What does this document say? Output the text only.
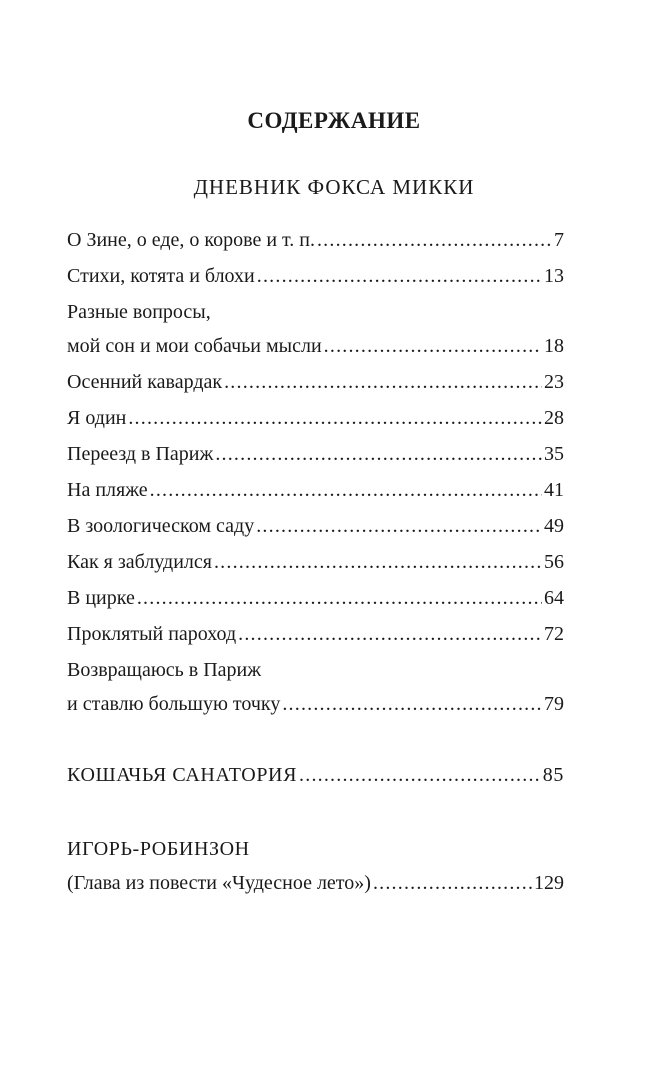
СОДЕРЖАНИЕ
ДНЕВНИК ФОКСА МИККИ
О Зине, о еде, о корове и т. п. .....	7
Стихи, котята и блохи .....	13
Разные вопросы,
мой сон и мои собачьи мысли .....	18
Осенний кавардак .....	23
Я один .....	28
Переезд в Париж .....	35
На пляже .....	41
В зоологическом саду .....	49
Как я заблудился .....	56
В цирке .....	64
Проклятый пароход .....	72
Возвращаюсь в Париж
и ставлю большую точку .....	79
КОШАЧЬЯ САНАТОРИЯ .....	85
ИГОРЬ-РОБИНЗОН
(Глава из повести «Чудесное лето») .....	129
